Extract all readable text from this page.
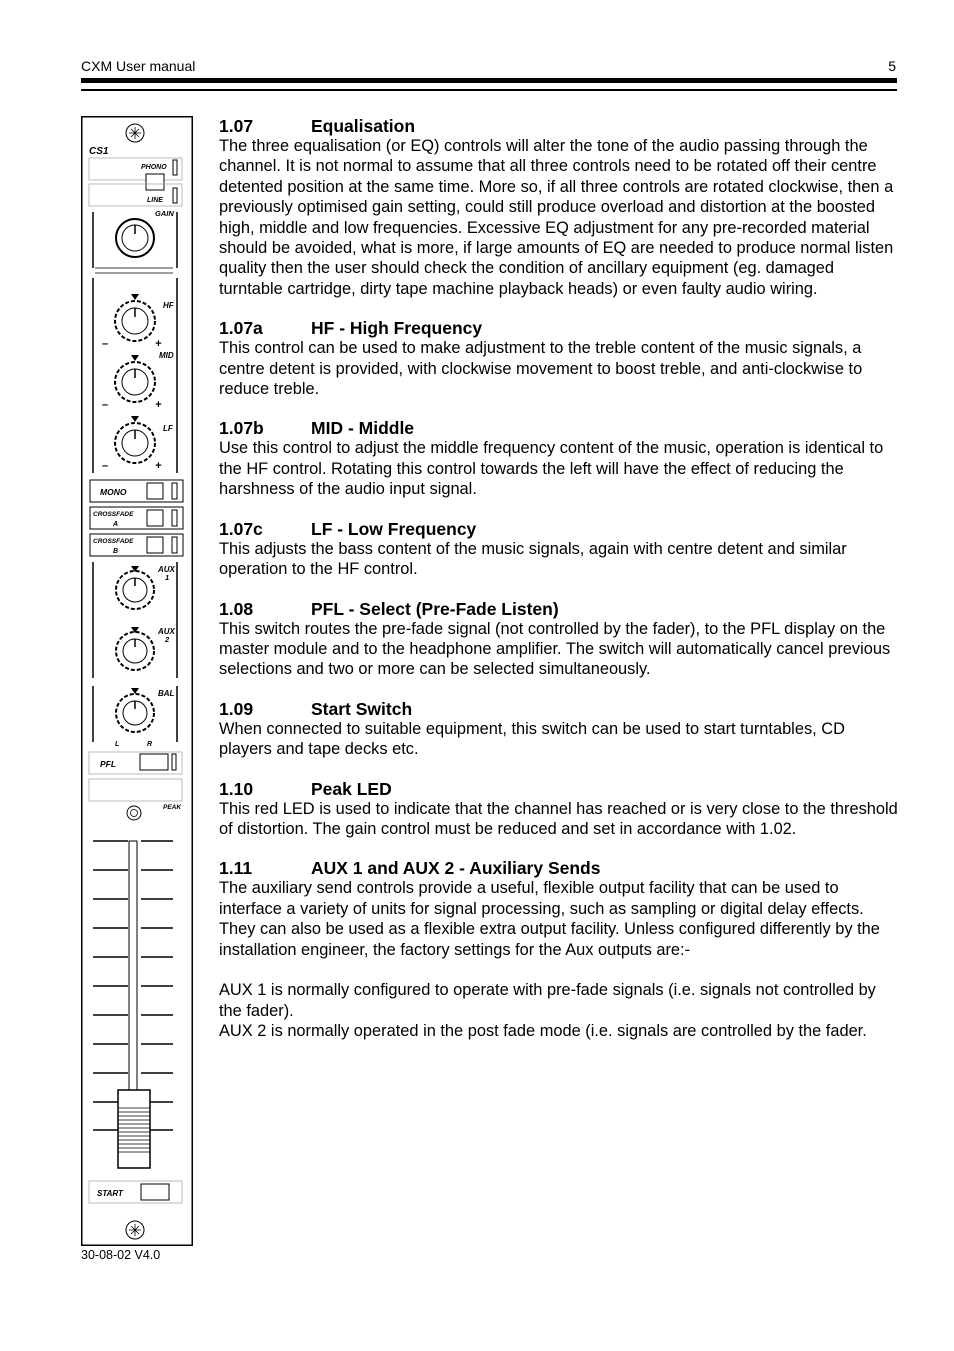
CXM User manual	5
CS1
PHONO
LINE
GAIN
HF
–	+
MID
–	+
LF
–	+
MONO
CROSSFADE
A
CROSSFADE
B
AUX
1
AUX
2
BAL
L	R
PFL
PEAK
START
30-08-02 V4.0
1.07	Equalisation

The three equalisation (or EQ) controls will alter the tone of the audio passing through the channel. It is not normal to assume that all three controls need to be rotated off their centre detented position at the same time. More so, if all three controls are rotated clockwise, then a previously optimised gain setting, could still produce overload and distortion at the boosted high, middle and low frequencies. Excessive EQ adjustment for any pre-recorded material should be avoided, what is more, if large amounts of EQ are needed to produce normal listen quality then the user should check the condition of ancillary equipment (eg. damaged turntable cartridge, dirty tape machine playback heads) or even faulty audio wiring.

1.07a	HF - High Frequency

This control can be used to make adjustment to the treble content of the music signals, a centre detent is provided, with clockwise movement to boost treble, and anti-clockwise to reduce treble.

1.07b	MID - Middle

Use this control to adjust the middle frequency content of the music, operation is identical to the HF control. Rotating this control towards the left will have the effect of reducing the harshness of the audio input signal.

1.07c	LF - Low Frequency

This adjusts the bass content of the music signals, again with centre detent and similar operation to the HF control.

1.08	PFL - Select (Pre-Fade Listen)

This switch routes the pre-fade signal (not controlled by the fader), to the PFL display on the master module and to the headphone amplifier. The switch will automatically cancel previous selections and two or more can be selected simultaneously.

1.09	Start Switch

When connected to suitable equipment, this switch can be used to start turntables, CD players and tape decks etc.

1.10	Peak LED

This red LED is used to indicate that the channel has reached or is very close to the threshold of distortion. The gain control must be reduced and set in accordance with 1.02.

1.11	AUX 1 and AUX 2 - Auxiliary Sends

The auxiliary send controls provide a useful, flexible output facility that can be used to interface a variety of units for signal processing, such as sampling or digital delay effects.

They can also be used as a flexible extra output facility. Unless configured differently by the installation engineer, the factory settings for the Aux outputs are:-

AUX 1 is normally configured to operate with pre-fade signals (i.e. signals not controlled by the fader).

AUX 2 is normally operated in the post fade mode (i.e. signals are controlled by the fader.
